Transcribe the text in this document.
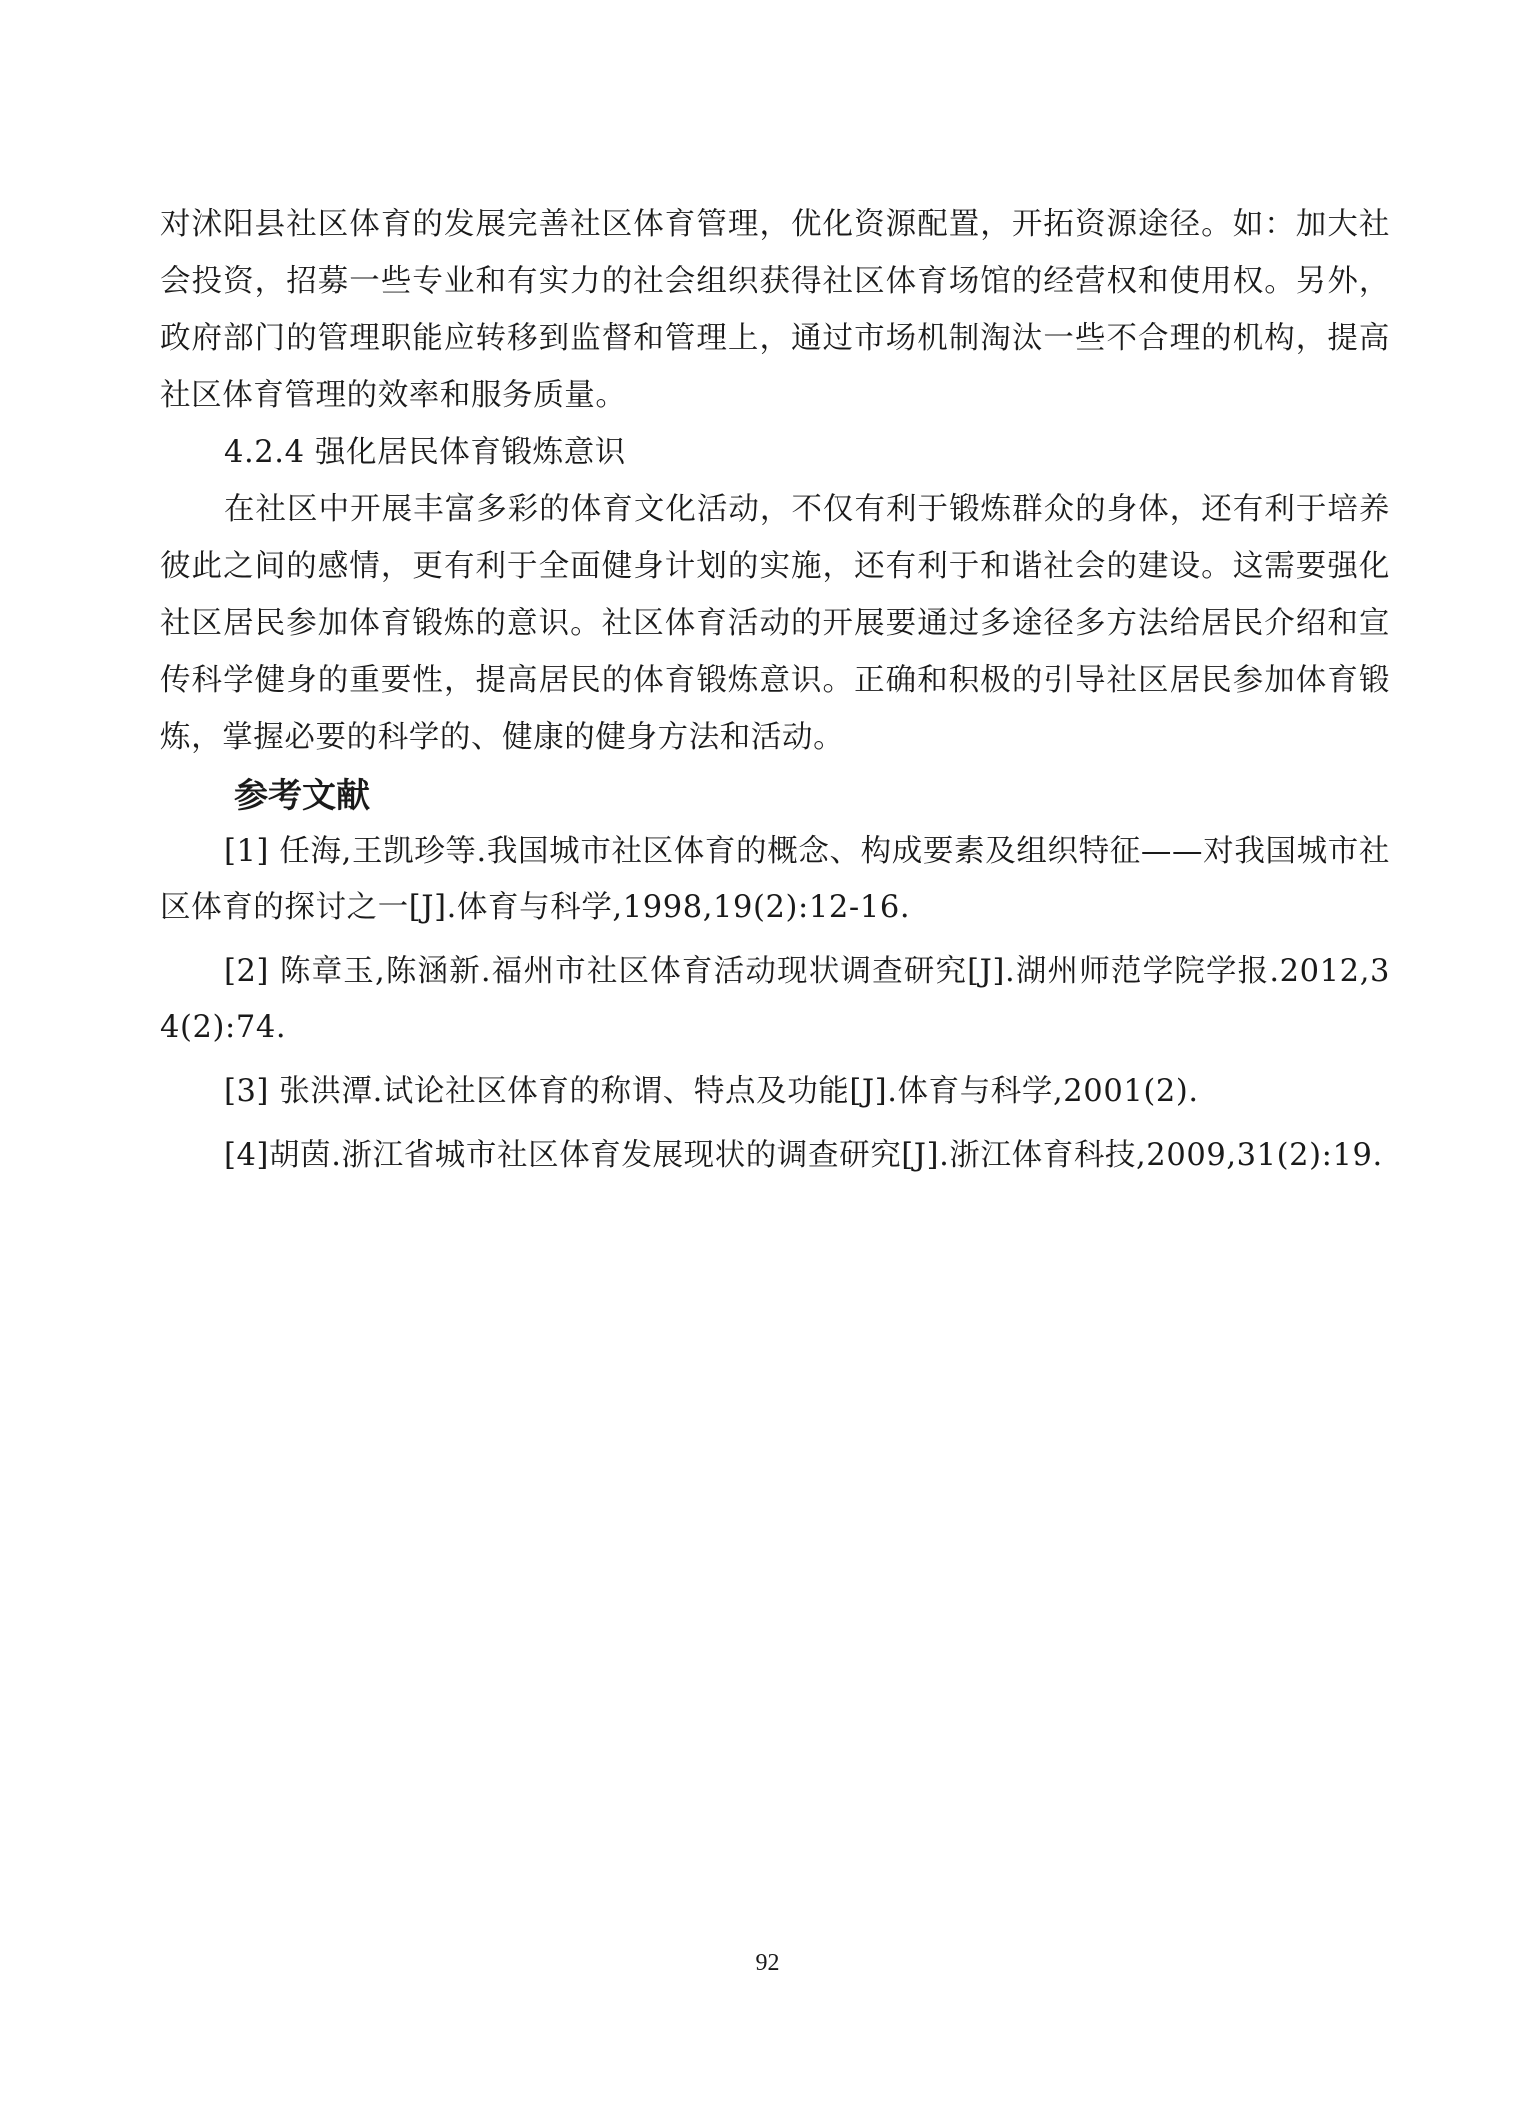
对沭阳县社区体育的发展完善社区体育管理，优化资源配置，开拓资源途径。如：加大社会投资，招募一些专业和有实力的社会组织获得社区体育场馆的经营权和使用权。另外，政府部门的管理职能应转移到监督和管理上，通过市场机制淘汰一些不合理的机构，提高社区体育管理的效率和服务质量。

4.2.4 强化居民体育锻炼意识

在社区中开展丰富多彩的体育文化活动，不仅有利于锻炼群众的身体，还有利于培养彼此之间的感情，更有利于全面健身计划的实施，还有利于和谐社会的建设。这需要强化社区居民参加体育锻炼的意识。社区体育活动的开展要通过多途径多方法给居民介绍和宣传科学健身的重要性，提高居民的体育锻炼意识。正确和积极的引导社区居民参加体育锻炼，掌握必要的科学的、健康的健身方法和活动。

参考文献

[1] 任海,王凯珍等.我国城市社区体育的概念、构成要素及组织特征——对我国城市社区体育的探讨之一[J].体育与科学,1998,19(2):12-16.

[2] 陈章玉,陈涵新.福州市社区体育活动现状调查研究[J].湖州师范学院学报.2012,34(2):74.

[3] 张洪潭.试论社区体育的称谓、特点及功能[J].体育与科学,2001(2).

[4]胡茵.浙江省城市社区体育发展现状的调查研究[J].浙江体育科技,2009,31(2):19.

92
